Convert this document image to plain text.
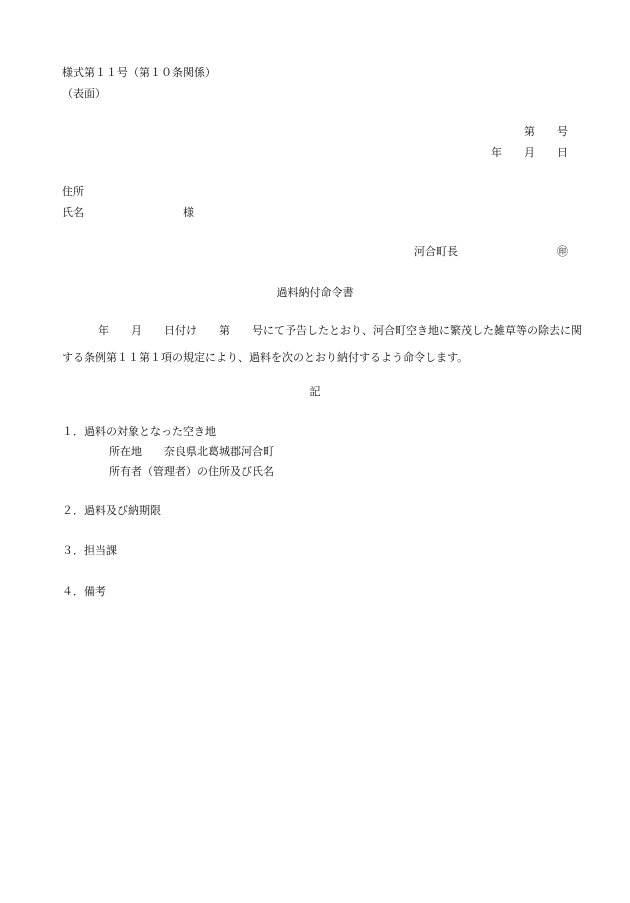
様式第１１号（第１０条関係）
（表面）
第　　号
年　　月　　日
住所
氏名　　　　　　　　　様
河合町長　　　　　　　　　㊞
過料納付命令書
年　　月　　日付け　　第　　号にて予告したとおり、河合町空き地に繁茂した雑草等の除去に関する条例第１１第１項の規定により、過料を次のとおり納付するよう命令します。
記
１．過料の対象となった空き地
所在地　　奈良県北葛城郡河合町
所有者（管理者）の住所及び氏名
２．過料及び納期限
３．担当課
４．備考
